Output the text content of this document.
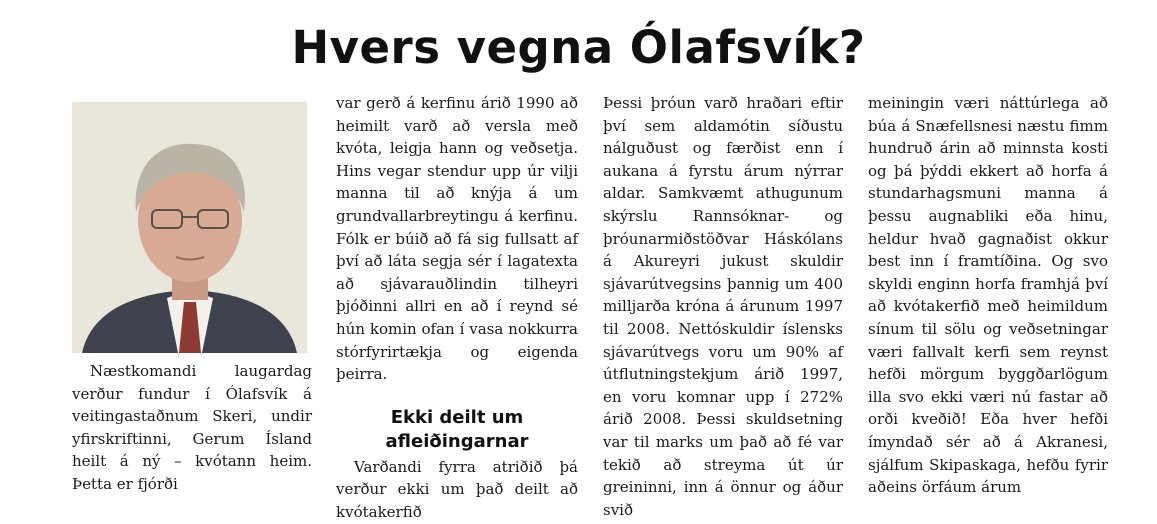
Hvers vegna Ólafsvík?

Næstkomandi laugardag verður fundur í Ólafsvík á veitingastaðnum Skeri, undir yfirskriftinni, Gerum Ísland heilt á ný – kvótann heim. Þetta er fjórði

var gerð á kerfinu árið 1990 að heimilt varð að versla með kvóta, leigja hann og veðsetja. Hins vegar stendur upp úr vilji manna til að knýja á um grundvallarbreytingu á kerfinu. Fólk er búið að fá sig fullsatt af því að láta segja sér í lagatexta að sjávarauðlindin tilheyri þjóðinni allri en að í reynd sé hún komin ofan í vasa nokkurra stórfyrirtækja og eigenda þeirra.

Ekki deilt um afleiðingarnar

Varðandi fyrra atriðið þá verður ekki um það deilt að kvótakerfið

Þessi þróun varð hraðari eftir því sem aldamótin síðustu nálguðust og færðist enn í aukana á fyrstu árum nýrrar aldar. Samkvæmt athugunum skýrslu Rannsóknar- og þróunarmiðstöðvar Háskólans á Akureyri jukust skuldir sjávarútvegsins þannig um 400 milljarða króna á árunum 1997 til 2008. Nettóskuldir íslensks sjávarútvegs voru um 90% af útflutningstekjum árið 1997, en voru komnar upp í 272% árið 2008. Þessi skuldsetning var til marks um það að fé var tekið að streyma út úr greininni, inn á önnur og áður svið

meiningin væri náttúrlega að búa á Snæfellsnesi næstu fimm hundruð árin að minnsta kosti og þá þýddi ekkert að horfa á stundarhagsmuni manna á þessu augnabliki eða hinu, heldur hvað gagnaðist okkur best inn í framtíðina. Og svo skyldi enginn horfa framhjá því að kvótakerfið með heimildum sínum til sölu og veðsetningar væri fallvalt kerfi sem reynst hefði mörgum byggðarlögum illa svo ekki væri nú fastar að orði kveðið! Eða hver hefði ímyndað sér að á Akranesi, sjálfum Skipaskaga, hefðu fyrir aðeins örfáum árum
